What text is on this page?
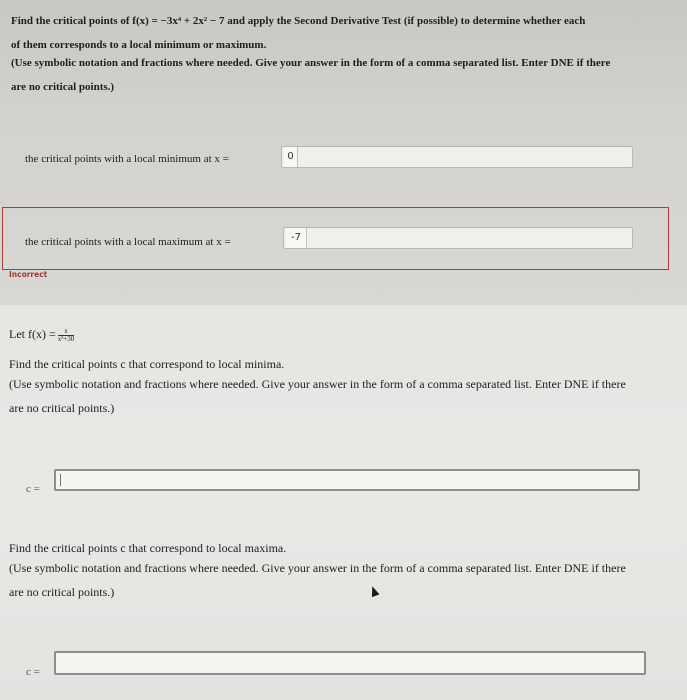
Find the critical points of f(x) = −3x⁴ + 2x² − 7 and apply the Second Derivative Test (if possible) to determine whether each
of them corresponds to a local minimum or maximum.
(Use symbolic notation and fractions where needed. Give your answer in the form of a comma separated list. Enter DNE if there
are no critical points.)
the critical points with a local minimum at x =	0
the critical points with a local maximum at x =	-7
Incorrect
Let $f(x) = \frac{x}{\text{x²+30}}$
Find the critical points c that correspond to local minima.
(Use symbolic notation and fractions where needed. Give your answer in the form of a comma separated list. Enter DNE if there
are no critical points.)
c =
Find the critical points c that correspond to local maxima.
(Use symbolic notation and fractions where needed. Give your answer in the form of a comma separated list. Enter DNE if there
are no critical points.)
c =
